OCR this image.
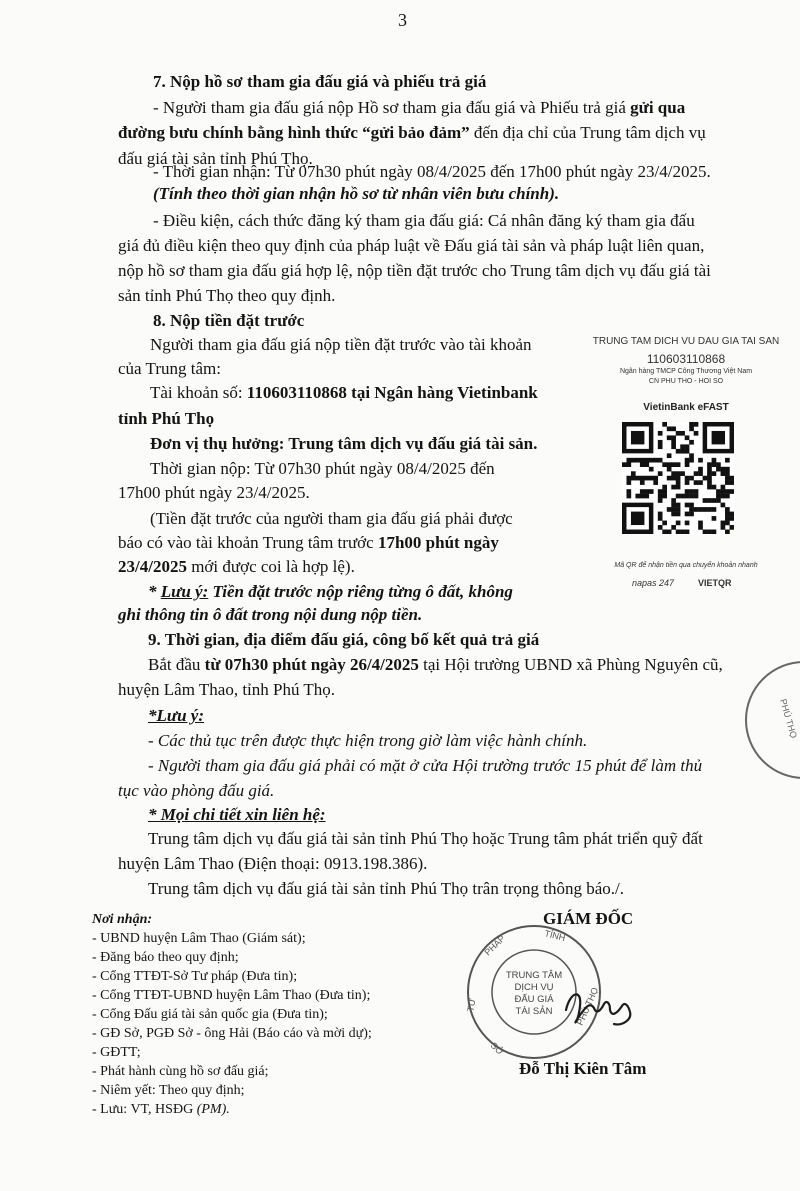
3
7. Nộp hồ sơ tham gia đấu giá và phiếu trả giá
- Người tham gia đấu giá nộp Hồ sơ tham gia đấu giá và Phiếu trả giá gửi qua
đường bưu chính bằng hình thức “gửi bảo đảm” đến địa chỉ của Trung tâm dịch vụ
đấu giá tài sản tỉnh Phú Thọ.
- Thời gian nhận: Từ 07h30 phút ngày 08/4/2025 đến 17h00 phút ngày 23/4/2025.
(Tính theo thời gian nhận hồ sơ từ nhân viên bưu chính).
- Điều kiện, cách thức đăng ký tham gia đấu giá: Cá nhân đăng ký tham gia đấu
giá đủ điều kiện theo quy định của pháp luật về Đấu giá tài sản và pháp luật liên quan,
nộp hồ sơ tham gia đấu giá hợp lệ, nộp tiền đặt trước cho Trung tâm dịch vụ đấu giá tài
sản tỉnh Phú Thọ theo quy định.
8. Nộp tiền đặt trước
Người tham gia đấu giá nộp tiền đặt trước vào tài khoản
của Trung tâm:
Tài khoản số: 110603110868 tại Ngân hàng Vietinbank
tỉnh Phú Thọ
Đơn vị thụ hưởng: Trung tâm dịch vụ đấu giá tài sản.
Thời gian nộp: Từ 07h30 phút ngày 08/4/2025 đến
17h00 phút ngày 23/4/2025.
(Tiền đặt trước của người tham gia đấu giá phải được
báo có vào tài khoản Trung tâm trước 17h00 phút ngày
23/4/2025 mới được coi là hợp lệ).
* Lưu ý: Tiền đặt trước nộp riêng từng ô đất, không
ghi thông tin ô đất trong nội dung nộp tiền.
TRUNG TAM DICH VU DAU GIA TAI SAN
110603110868
Ngân hàng TMCP Công Thương Việt Nam
CN PHU THO - HOI SO
VietinBank eFAST
Mã QR để nhận tiền qua chuyển khoản nhanh
napas 247	VIETQR
9. Thời gian, địa điểm đấu giá, công bố kết quả trả giá
Bắt đầu từ 07h30 phút ngày 26/4/2025 tại Hội trường UBND xã Phùng Nguyên cũ,
huyện Lâm Thao, tỉnh Phú Thọ.
*Lưu ý:
- Các thủ tục trên được thực hiện trong giờ làm việc hành chính.
- Người tham gia đấu giá phải có mặt ở cửa Hội trường trước 15 phút để làm thủ
tục vào phòng đấu giá.
* Mọi chi tiết xin liên hệ:
Trung tâm dịch vụ đấu giá tài sản tỉnh Phú Thọ hoặc Trung tâm phát triển quỹ đất
huyện Lâm Thao (Điện thoại: 0913.198.386).
Trung tâm dịch vụ đấu giá tài sản tỉnh Phú Thọ trân trọng thông báo./.
Nơi nhận:
- UBND huyện Lâm Thao (Giám sát);
- Đăng báo theo quy định;
- Cổng TTĐT-Sở Tư pháp (Đưa tin);
- Cổng TTĐT-UBND huyện Lâm Thao (Đưa tin);
- Cổng Đấu giá tài sản quốc gia (Đưa tin);
- GĐ Sở, PGĐ Sở - ông Hải (Báo cáo và mời dự);
- GĐTT;
- Phát hành cùng hồ sơ đấu giá;
- Niêm yết: Theo quy định;
- Lưu: VT, HSĐG (PM).
GIÁM ĐỐC
TỈNH
PHÁP
TƯ
SỞ
PHÚ THỌ
TRUNG TÂM
DỊCH VỤ
ĐẤU GIÁ
TÀI SẢN
Đỗ Thị Kiên Tâm
PHÚ THỌ
